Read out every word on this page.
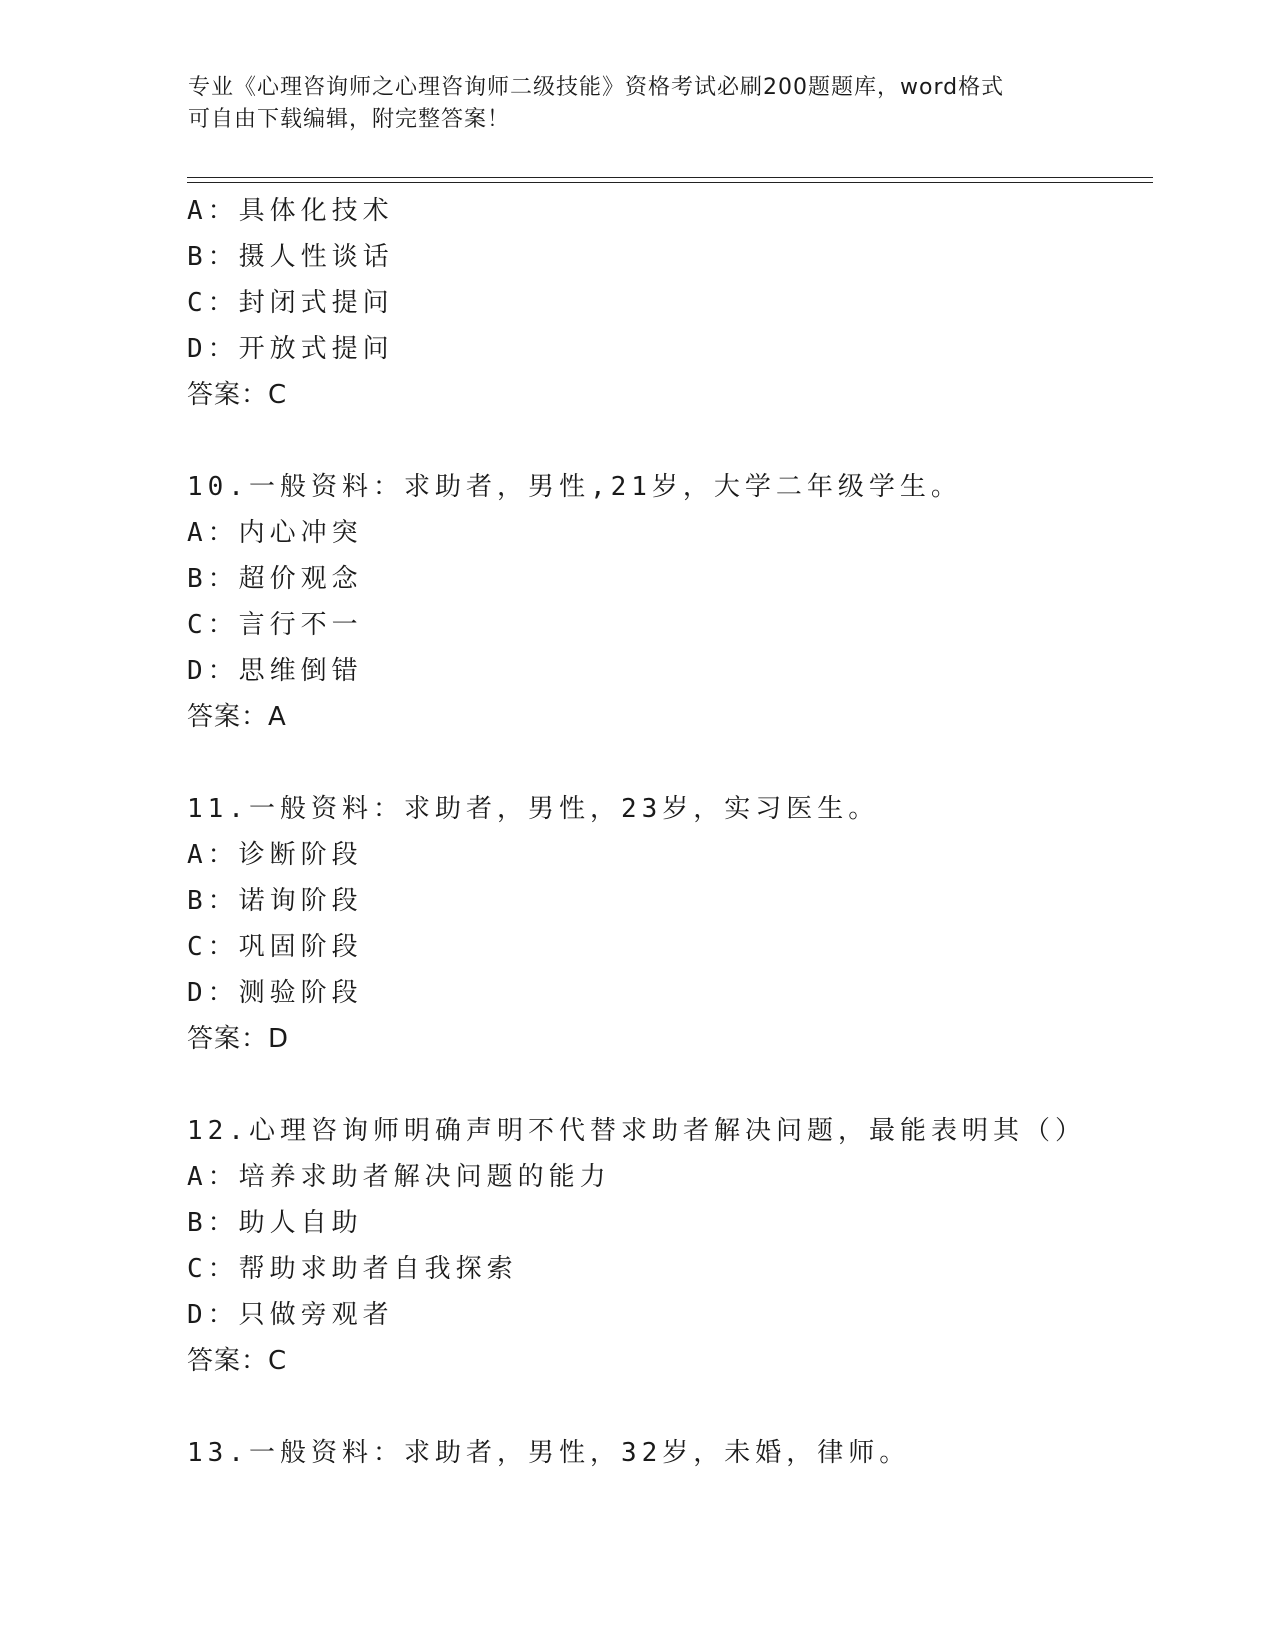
专业《心理咨询师之心理咨询师二级技能》资格考试必刷200题题库，word格式
可自由下载编辑，附完整答案！
A：具体化技术
B：摄人性谈话
C：封闭式提问
D：开放式提问
答案：C
10.一般资料：求助者，男性,21岁，大学二年级学生。
A：内心冲突
B：超价观念
C：言行不一
D：思维倒错
答案：A
11.一般资料：求助者，男性，23岁，实习医生。
A：诊断阶段
B：诺询阶段
C：巩固阶段
D：测验阶段
答案：D
12.心理咨询师明确声明不代替求助者解决问题，最能表明其（）
A：培养求助者解决问题的能力
B：助人自助
C：帮助求助者自我探索
D：只做旁观者
答案：C
13.一般资料：求助者，男性，32岁，未婚，律师。
